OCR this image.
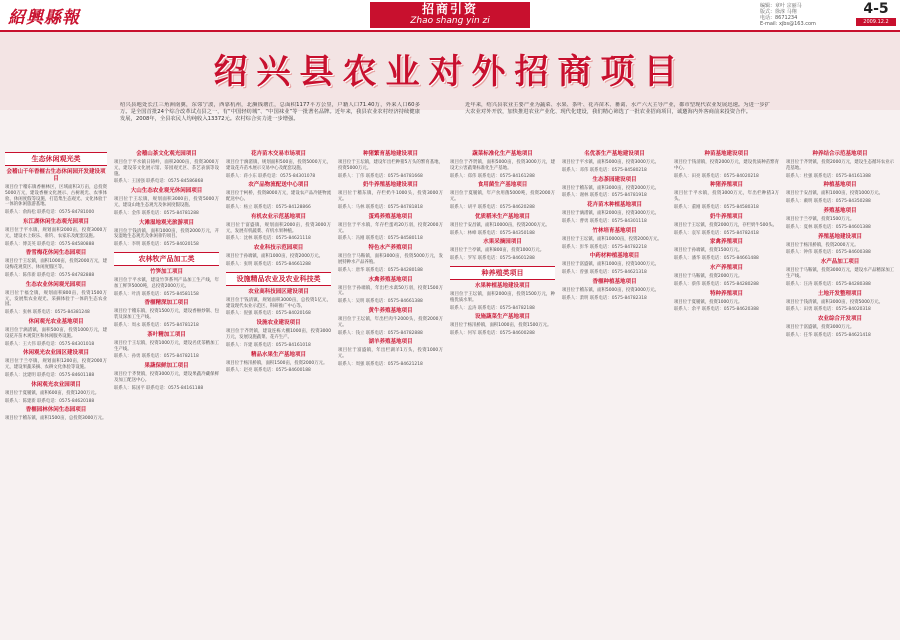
紹興縣報	招商引资
Zhao shang yin zi
编辑：章叶 宗丽马
版式：徐淳 马翔
电话：8671234
E-mail: xjbs@163.com
4-5
2009.12.2
绍兴县农业对外招商项目
绍兴县地处长江三角洲南翼，东邻宁波，西靠杭州，北濒钱塘江，总面积1177平方公里，户籍人口71.40万，外来人口60多万。是全国首批24个综合改革试点县之一，有“中国轻纺城”、“中国袜业”等一批著名品牌。近年来，我县农业农村经济持续健康发展，2008年，全县农民人均纯收入13372元。农村综合实力进一步增强。
近年来，绍兴县农业主要产业为蔬菜、水果、茶叶、花卉苗木、畜禽、水产六大主导产业，都市型现代农业发展迅速。为进一步扩大农业对外开放，加快推进农业产业化、现代化建设，我们精心筛选了一批农业招商项目，诚邀海内外客商前来投资合作。
生态休闲观光类
会稽山千年香榧古生态休闲园开发建设项目

项目位于稽东镇香榧林区，区域面积3万亩，总投资5000万元，建设香榧文化展示、古树观光、农事体验、休闲度假等设施，打造集生态观光、文化体验于一体的休闲旅游基地。

联系人：俞海松 联系电话：0575-84781000

东江湖休闲生态观光园项目

项目位于平水镇，规划面积2000亩，投资3000万元，建设水上娱乐、垂钓、农家乐及配套设施。

联系人：傅美英 联系电话：0575-84580888

香雪梅花休闲生态园项目

项目位于王坛镇，面积1000亩，投资2000万元，建设梅花观赏区、休闲度假区等。

联系人：陈伟新 联系电话：0575-84782888

生态农业休闲观光园项目

项目位于福全镇，规划面积800亩，投资1500万元，发展集农业观光、采摘体验于一体的生态农业园。

联系人：张林 联系电话：0575-84381248

休闲观光农业基地项目

项目位于漓渚镇，面积500亩，投资1000万元，建设花卉苗木观赏区和休闲服务设施。

联系人：王大伟 联系电话：0575-84301018

休闲观光农业园区建设项目

项目位于兰亭镇，规划面积1200亩，投资2000万元，建设果蔬采摘、农耕文化体验等设施。

联系人：沈建明 联系电话：0575-84601188

休闲观光农业园项目

项目位于夏履镇，面积600亩，投资1200万元。

联系人：陈建新 联系电话：0575-84620188

香榧园林休闲生态园项目

项目位于稽东镇，面积1500亩，总投资3000万元。

会稽山茶文化观光园项目

项目位于平水镇日铸岭，面积2000亩，投资3000万元，建设茶文化展示馆、茶园观光区、茶艺表演等设施。

联系人：王国强 联系电话：0575-84586868

大山生态农业观光休闲园项目

项目位于王坛镇，规划面积3000亩，投资5000万元，建设山地生态观光及休闲度假设施。

联系人：金伟 联系电话：0575-84781288

大滩湿地观光旅游项目

项目位于钱清镇，面积1000亩，投资2000万元，开发湿地生态观光及休闲垂钓项目。

联系人：李明 联系电话：0575-84020158

农林牧产品加工类
竹笋加工项目

项目位于平水镇，建设竹笋系列产品加工生产线，年加工鲜笋5000吨，总投资2000万元。

联系人：叶清 联系电话：0575-84581158

香榧精深加工项目

项目位于稽东镇，投资1500万元，建设香榧炒制、包装及深加工生产线。

联系人：周永 联系电话：0575-84781218

茶叶精加工项目

项目位于王坛镇，投资1000万元，建设名优茶精加工生产线。

联系人：孙勇 联系电话：0575-84782118

果蔬保鲜加工项目

项目位于齐贤镇，投资3000万元，建设果蔬冷藏保鲜及加工配送中心。

联系人：陈国平 联系电话：0575-84161188

花卉苗木交易市场项目

项目位于漓渚镇，规划面积500亩，投资5000万元，建设花卉苗木展示交易中心及配套设施。

联系人：蒋小东 联系电话：0575-84301078

农产品物流配送中心项目

项目位于柯桥，投资8000万元，建设农产品冷链物流配送中心。

联系人：杨立 联系电话：0575-84128866

有机农业示范基地项目

项目位于富盛镇，规划面积2000亩，投资3000万元，发展有机蔬菜、有机水果种植。

联系人：沈林 联系电话：0575-84621118

农业科技示范园项目

项目位于孙端镇，面积1000亩，投资2000万元。

联系人：张明 联系电话：0575-84661288

设施精品农业及农业科技类
农业高科技园区建设项目

项目位于钱清镇，规划面积3000亩，总投资1亿元，建设现代农业示范区、科研推广中心等。

联系人：倪强 联系电话：0575-84020168

设施农业建设项目

项目位于齐贤镇，建设连栋大棚1000亩，投资3000万元，发展设施蔬菜、花卉生产。

联系人：许建 联系电话：0575-84161018

精品水果生产基地项目

项目位于杨汛桥镇，面积1500亩，投资2000万元。

联系人：赵亮 联系电话：0575-84600188

种猪繁育基地建设项目

项目位于王坛镇，建设年出栏种猪5万头的繁育基地，投资5000万元。

联系人：丁伟 联系电话：0575-84781668

奶牛养殖基地建设项目

项目位于稽东镇，存栏奶牛1000头，投资3000万元。

联系人：马林 联系电话：0575-84781818

蛋鸡养殖基地项目

项目位于平水镇，年存栏蛋鸡20万羽，投资2000万元。

联系人：冯刚 联系电话：0575-84580118

特色水产养殖项目

项目位于马鞍镇，面积3000亩，投资5000万元，发展特种水产品养殖。

联系人：唐华 联系电话：0575-84280188

水禽养殖基地项目

项目位于孙端镇，年出栏水禽50万羽，投资1500万元。

联系人：吴明 联系电话：0575-84661388

黄牛养殖基地项目

项目位于王坛镇，年出栏肉牛2000头，投资2000万元。

联系人：钱立 联系电话：0575-84782888

湖羊养殖基地项目

项目位于富盛镇，年出栏湖羊1万头，投资1000万元。

联系人：周强 联系电话：0575-84621218

蔬菜标准化生产基地项目

项目位于齐贤镇，面积5000亩，投资3000万元，建设无公害蔬菜标准化生产基地。

联系人：郑伟 联系电话：0575-84161288

食用菌生产基地项目

项目位于夏履镇，年产食用菌5000吨，投资2000万元。

联系人：胡平 联系电话：0575-84620288

优质稻米生产基地项目

项目位于安昌镇，面积10000亩，投资2000万元。

联系人：林峰 联系电话：0575-84350188

水果采摘园项目

项目位于兰亭镇，面积800亩，投资1000万元。

联系人：罗军 联系电话：0575-84601288

种养殖类项目
水果种植基地建设项目

项目位于王坛镇，面积2000亩，投资1500万元，种植优质水果。

联系人：孟涛 联系电话：0575-84782188

设施蔬菜生产基地项目

项目位于杨汛桥镇，面积1000亩，投资1500万元。

联系人：何军 联系电话：0575-84600288

名优茶生产基地建设项目

项目位于平水镇，面积5000亩，投资3000万元。

联系人：邓伟 联系电话：0575-84580218

生态茶园建设项目

项目位于稽东镇，面积3000亩，投资2000万元。

联系人：谢林 联系电话：0575-84781918

花卉苗木种植基地项目

项目位于漓渚镇，面积2000亩，投资3000万元。

联系人：曹勇 联系电话：0575-84301118

竹林培育基地项目

项目位于王坛镇，面积10000亩，投资2000万元。

联系人：彭华 联系电话：0575-84782218

中药材种植基地项目

项目位于富盛镇，面积1000亩，投资1000万元。

联系人：曾强 联系电话：0575-84621318

香榧种植基地项目

项目位于稽东镇，面积5000亩，投资3000万元。

联系人：萧明 联系电话：0575-84782318

种苗基地建设项目

项目位于钱清镇，投资2000万元，建设优质种苗繁育中心。

联系人：田亮 联系电话：0575-84020218

种猪养殖项目

项目位于平水镇，投资3000万元，年出栏种猪3万头。

联系人：董刚 联系电话：0575-84580318

奶牛养殖项目

项目位于王坛镇，投资2000万元，存栏奶牛500头。

联系人：袁军 联系电话：0575-84782418

家禽养殖项目

项目位于孙端镇，投资1500万元。

联系人：潘华 联系电话：0575-84661488

水产养殖项目

项目位于马鞍镇，投资2000万元。

联系人：蔡伟 联系电话：0575-84280288

特种养殖项目

项目位于夏履镇，投资1000万元。

联系人：余平 联系电话：0575-84620388

种养结合示范基地项目

项目位于齐贤镇，投资2000万元，建设生态循环农业示范基地。

联系人：杜强 联系电话：0575-84161388

种植基地项目

项目位于安昌镇，面积1000亩，投资1000万元。

联系人：戴明 联系电话：0575-84350288

养殖基地项目

项目位于兰亭镇，投资1500万元。

联系人：夏林 联系电话：0575-84601388

养殖基地建设项目

项目位于杨汛桥镇，投资2000万元。

联系人：钟伟 联系电话：0575-84600388

水产品加工项目

项目位于马鞍镇，投资3000万元，建设水产品精深加工生产线。

联系人：汪涛 联系电话：0575-84280388

土地开发整理项目

项目位于钱清镇，面积3000亩，投资5000万元。

联系人：田勇 联系电话：0575-84020318

农业综合开发项目

项目位于富盛镇，投资3000万元。

联系人：任华 联系电话：0575-84621418
